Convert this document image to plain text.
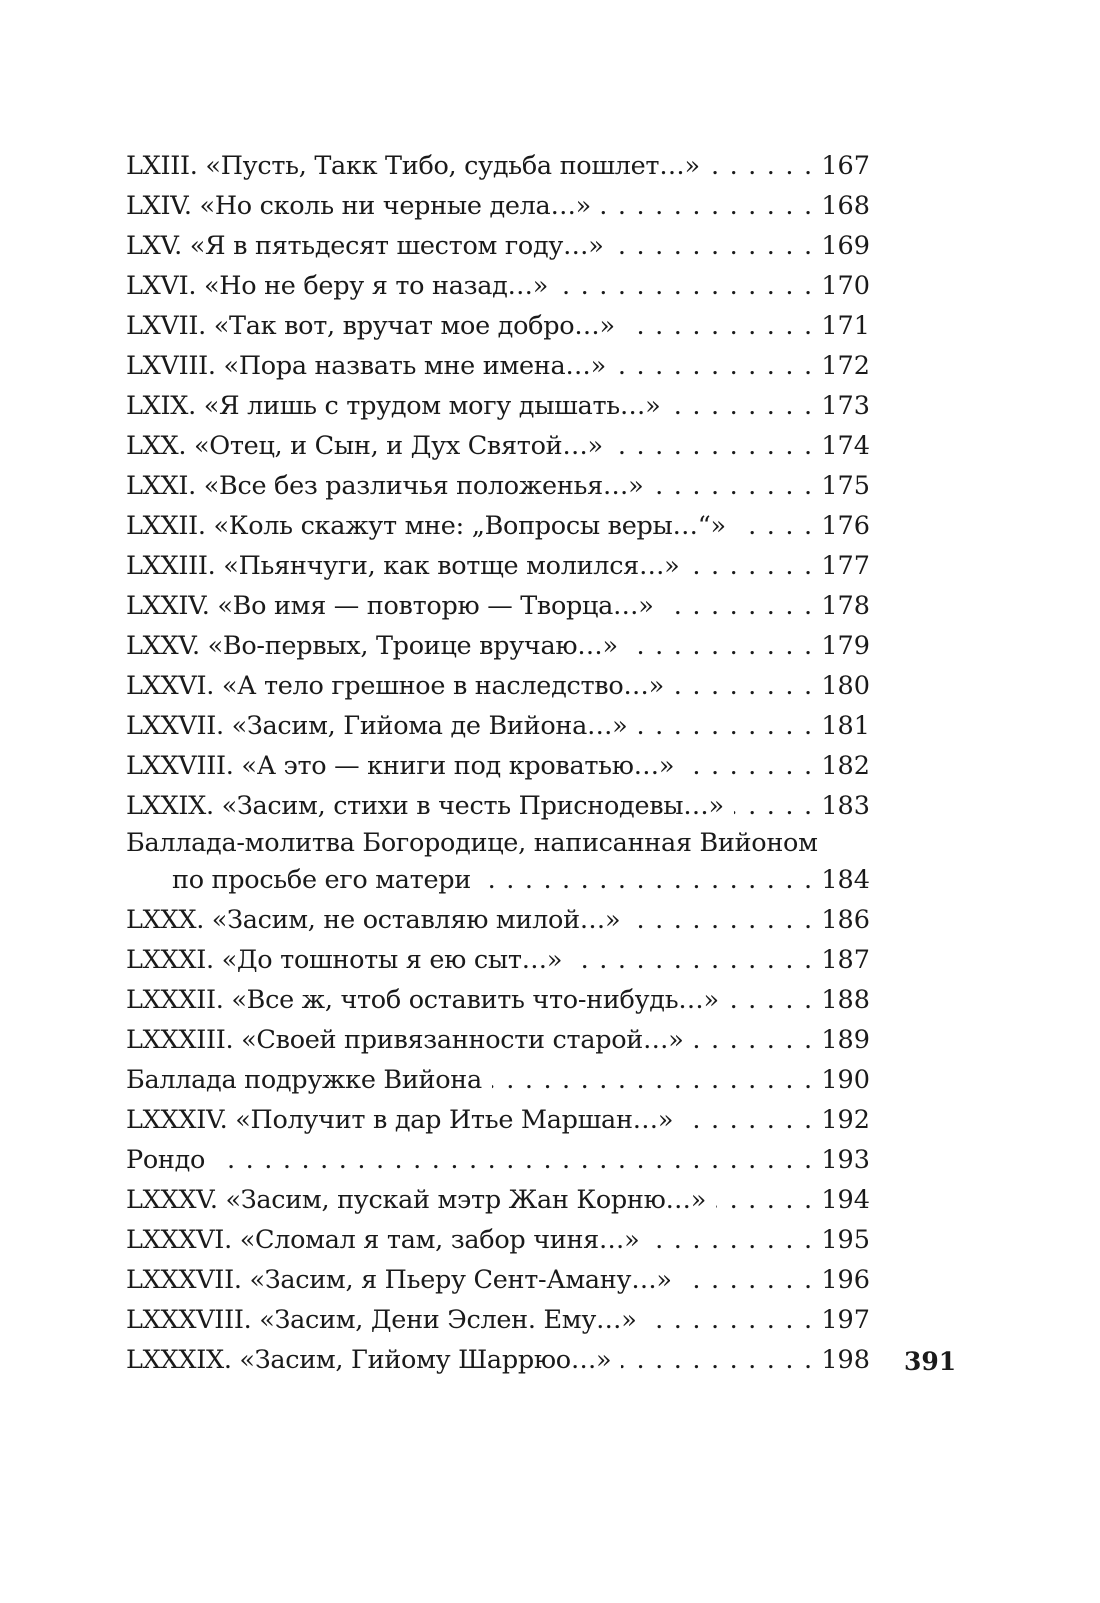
LXIII. «Пусть, Такк Тибо, судьба пошлет…» . . .	167
LXIV. «Но сколь ни черные дела…» . . .	168
LXV. «Я в пятьдесят шестом году…» . . .	169
LXVI. «Но не беру я то назад…» . . .	170
LXVII. «Так вот, вручат мое добро…» . . .	171
LXVIII. «Пора назвать мне имена…» . . .	172
LXIX. «Я лишь с трудом могу дышать…» . . .	173
LXX. «Отец, и Сын, и Дух Святой…» . . .	174
LXXI. «Все без различья положенья…» . . .	175
LXXII. «Коль скажут мне: „Вопросы веры…“» . . .	176
LXXIII. «Пьянчуги, как вотще молился…» . . .	177
LXXIV. «Во имя — повторю — Творца…» . . .	178
LXXV. «Во-первых, Троице вручаю…» . . .	179
LXXVI. «А тело грешное в наследство…» . . .	180
LXXVII. «Засим, Гийома де Вийона…» . . .	181
LXXVIII. «А это — книги под кроватью…» . . .	182
LXXIX. «Засим, стихи в честь Приснодевы…» . . .	183
Баллада-молитва Богородице, написанная Вийоном
по просьбе его матери . . .	184
LXXX. «Засим, не оставляю милой…» . . .	186
LXXXI. «До тошноты я ею сыт…» . . .	187
LXXXII. «Все ж, чтоб оставить что-нибудь…» . . .	188
LXXXIII. «Своей привязанности старой…» . . .	189
Баллада подружке Вийона . . .	190
LXXXIV. «Получит в дар Итье Маршан…» . . .	192
Рондо . . .	193
LXXXV. «Засим, пускай мэтр Жан Корню…» . . .	194
LXXXVI. «Сломал я там, забор чиня…» . . .	195
LXXXVII. «Засим, я Пьеру Сент-Аману…» . . .	196
LXXXVIII. «Засим, Дени Эслен. Ему…» . . .	197
LXXXIX. «Засим, Гийому Шаррюо…» . . .	198 391
